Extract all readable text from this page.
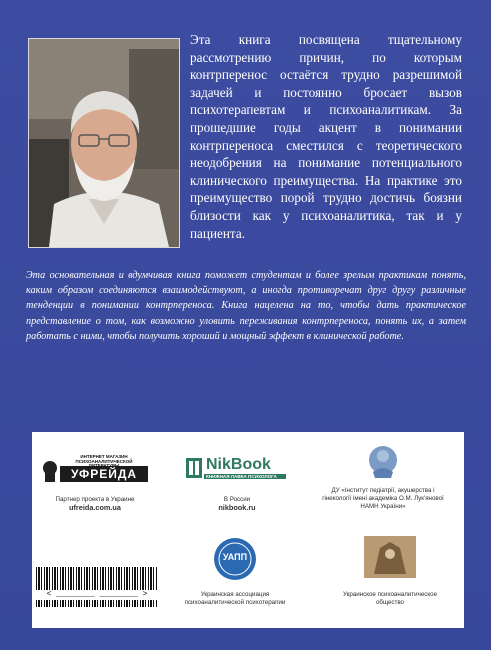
Эта книга посвящена тщательному рассмотрению причин, по которым контрперенос остаётся трудно разрешимой задачей и постоянно бросает вызов психотерапевтам и психоаналитикам. За прошедшие годы акцент в понимании контрпереноса сместился с теоретического неодобрения на понимание потенциального клинического преимущества. На практике это преимущество порой трудно достичь боязни близости как у психоаналитика, так и у пациента.
Эта основательная и вдумчивая книга поможет студентам и более зрелым практикам понять, каким образом соединяются взаимодействуют, а иногда противоречат друг другу различные тенденции в понимании контрпереноса. Книга нацелена на то, чтобы дать практическое представление о том, как возможно уловить переживания контрпереноса, понять их, а затем работать с ними, чтобы получить хороший и мощный эффект в клинической работе.
ИНТЕРНЕТ МАГАЗИН ПСИХОАНАЛИТИЧЕСКОЙ ЛИТЕРАТУРЫ
УФРЕЙДА
Партнер проекта в Украине
ufreida.com.ua
NikBook
КНИЖНАЯ ЛАВКА ПСИХОЛОГА
В России
nikbook.ru
ДУ «Інститут педіатрії, акушерства і гінекології імені академіка О.М. Лук'янової НАМН України»
УАПП
Украинская ассоциация психоаналитической психотерапии
Украинское психоаналитическое общество
< ________ ________ >
